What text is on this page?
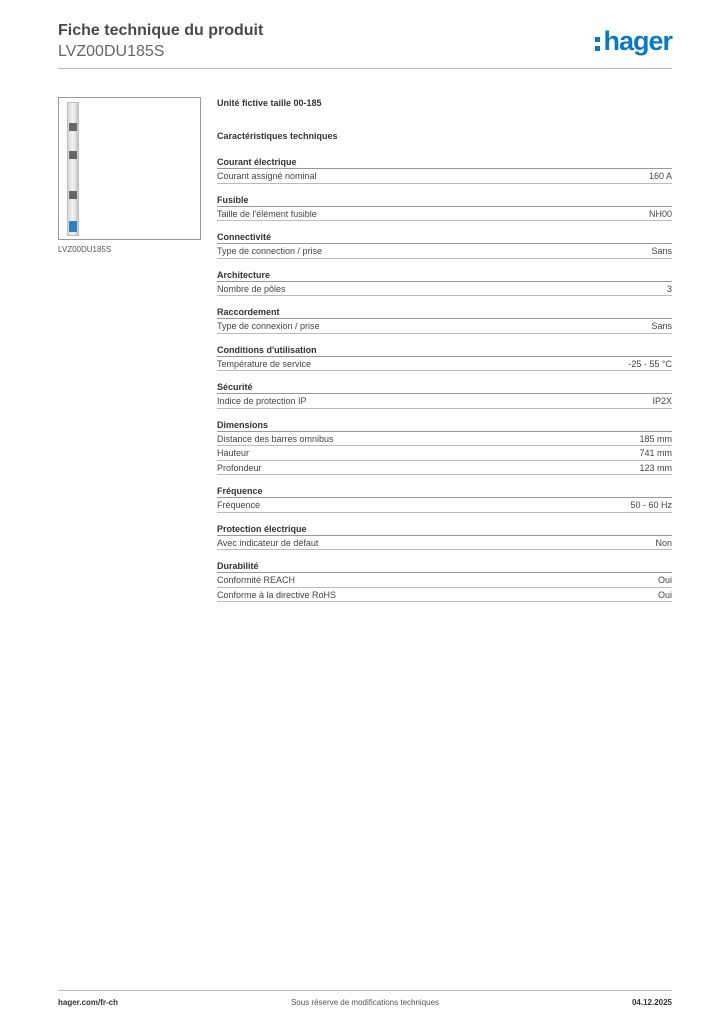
Fiche technique du produit
LVZ00DU185S	hager
LVZ00DU185S
Unité fictive taille 00-185
Caractéristiques techniques
Courant électrique
Courant assigné nominal	160 A
Fusible
Taille de l'élément fusible	NH00
Connectivité
Type de connection / prise	Sans
Architecture
Nombre de pôles	3
Raccordement
Type de connexion / prise	Sans
Conditions d'utilisation
Température de service	-25 - 55 °C
Sécurité
Indice de protection IP	IP2X
Dimensions
Distance des barres omnibus	185 mm
Hauteur	741 mm
Profondeur	123 mm
Fréquence
Fréquence	50 - 60 Hz
Protection électrique
Avec indicateur de défaut	Non
Durabilité
Conformité REACH	Oui
Conforme à la directive RoHS	Oui
hager.com/fr-ch	Sous réserve de modifications techniques	04.12.2025
